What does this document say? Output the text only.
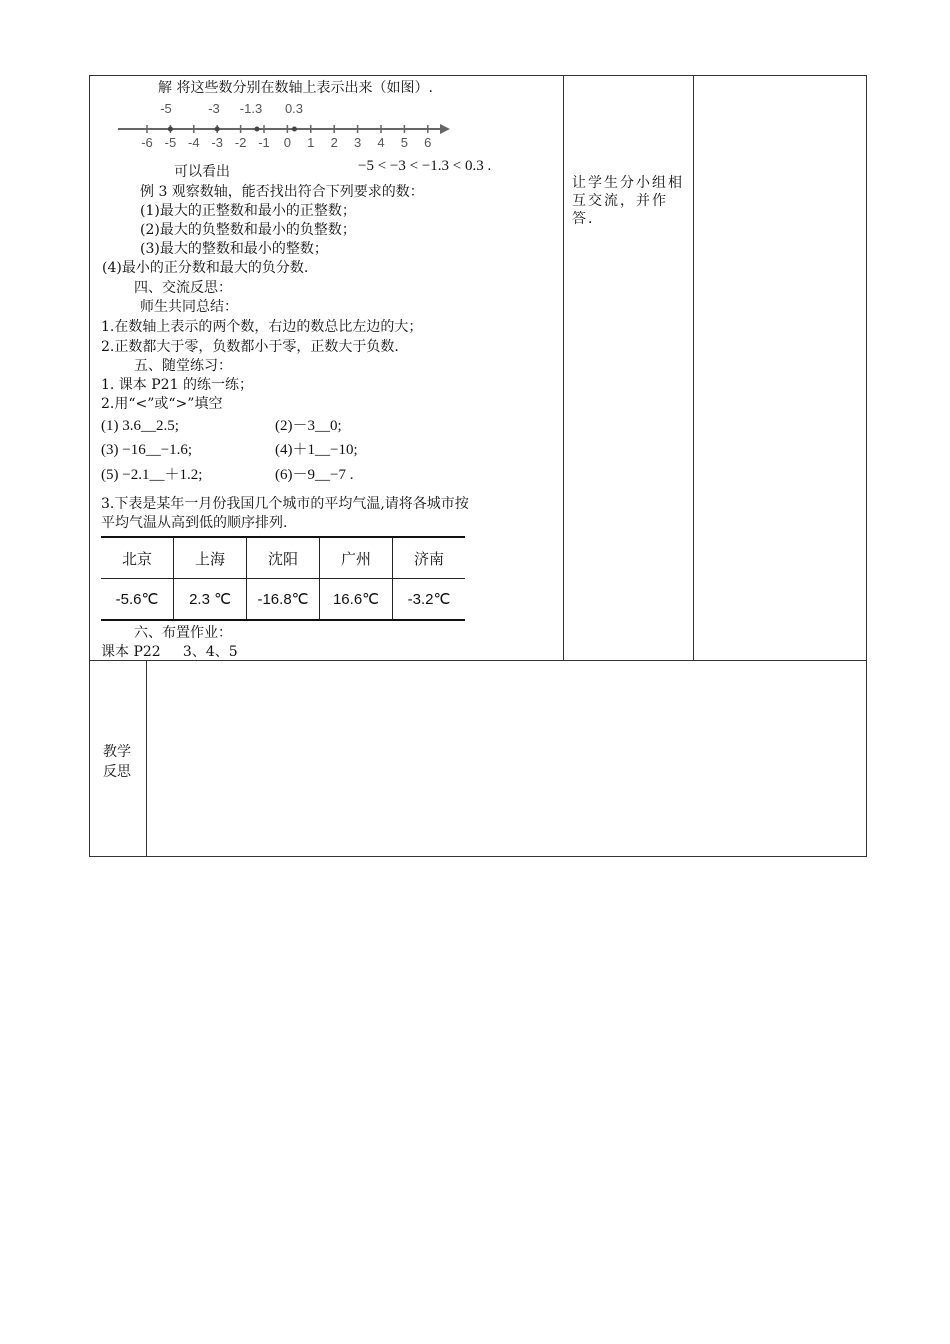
解 将这些数分别在数轴上表示出来（如图）.
-5	-3 -1.3 0.3
-6 -5 -4 -3 -2 -1 0 1 2 3 4 5 6
可以看出	−5 < −3 < −1.3 < 0.3 .
例 3 观察数轴，能否找出符合下列要求的数：
(1)最大的正整数和最小的正整数；
(2)最大的负整数和最小的负整数；
(3)最大的整数和最小的整数；
(4)最小的正分数和最大的负分数.
四、交流反思：
师生共同总结：
1.在数轴上表示的两个数，右边的数总比左边的大；
2.正数都大于零，负数都小于零，正数大于负数.
五、随堂练习：
1. 课本 P21 的练一练；
2.用“<”或“>”填空
(1) 3.6__2.5;	(2)－3__0;
(3) −16__−1.6;	(4)＋1__−10;
(5) −2.1__＋1.2;	(6)－9__−7 .
3.下表是某年一月份我国几个城市的平均气温,请将各城市按
平均气温从高到低的顺序排列.
北京	上海	沈阳	广州	济南
-5.6℃	2.3 ℃	-16.8℃	16.6℃	-3.2℃
六、布置作业：
课本 P22     3、4、5
让学生分小组相互交流，并作答.
教学
反思
